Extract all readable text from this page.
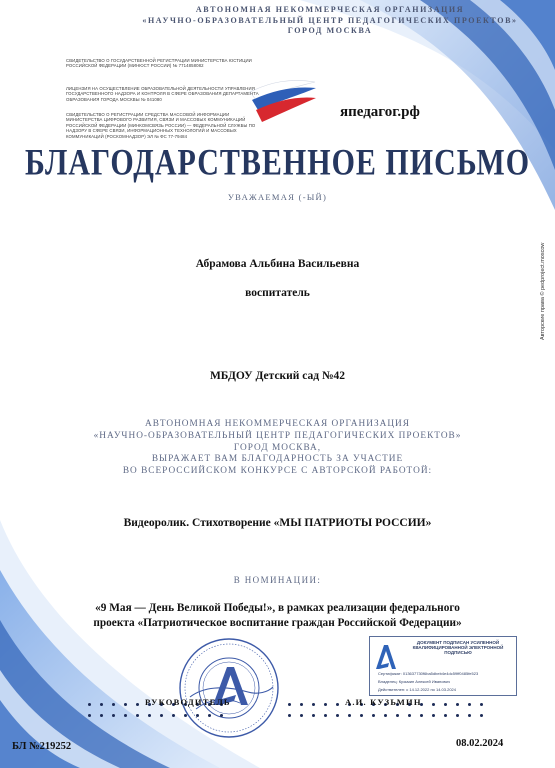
АВТОНОМНАЯ НЕКОММЕРЧЕСКАЯ ОРГАНИЗАЦИЯ
«НАУЧНО-ОБРАЗОВАТЕЛЬНЫЙ ЦЕНТР ПЕДАГОГИЧЕСКИХ ПРОЕКТОВ»
ГОРОД МОСКВА
СВИДЕТЕЛЬСТВО О ГОСУДАРСТВЕННОЙ РЕГИСТРАЦИИ МИНИСТЕРСТВА ЮСТИЦИИ РОССИЙСКОЙ ФЕДЕРАЦИИ (МИНЮСТ РОССИИ) № 7714858082
ЛИЦЕНЗИЯ НА ОСУЩЕСТВЛЕНИЕ ОБРАЗОВАТЕЛЬНОЙ ДЕЯТЕЛЬНОСТИ УПРАВЛЕНИЯ ГОСУДАРСТВЕННОГО НАДЗОРА И КОНТРОЛЯ В СФЕРЕ ОБРАЗОВАНИЯ ДЕПАРТАМЕНТА ОБРАЗОВАНИЯ ГОРОДА МОСКВЫ № 041080
СВИДЕТЕЛЬСТВО О РЕГИСТРАЦИИ СРЕДСТВА МАССОВОЙ ИНФОРМАЦИИ МИНИСТЕРСТВА ЦИФРОВОГО РАЗВИТИЯ, СВЯЗИ И МАССОВЫХ КОММУНИКАЦИЙ РОССИЙСКОЙ ФЕДЕРАЦИИ (МИНКОМСВЯЗЬ РОССИИ) — ФЕДЕРАЛЬНОЙ СЛУЖБЫ ПО НАДЗОРУ В СФЕРЕ СВЯЗИ, ИНФОРМАЦИОННЫХ ТЕХНОЛОГИЙ И МАССОВЫХ КОММУНИКАЦИЙ (РОСКОМНАДЗОР) ЭЛ № ФС 77-79484
япедагог.рф
БЛАГОДАРСТВЕННОЕ ПИСЬМО
УВАЖАЕМАЯ (-ЫЙ)
Абрамова Альбина Васильевна
воспитатель
МБДОУ Детский сад №42
АВТОНОМНАЯ НЕКОММЕРЧЕСКАЯ ОРГАНИЗАЦИЯ
«НАУЧНО-ОБРАЗОВАТЕЛЬНЫЙ ЦЕНТР ПЕДАГОГИЧЕСКИХ ПРОЕКТОВ»
ГОРОД МОСКВА,
ВЫРАЖАЕТ ВАМ БЛАГОДАРНОСТЬ ЗА УЧАСТИЕ
ВО ВСЕРОССИЙСКОМ КОНКУРСЕ С АВТОРСКОЙ РАБОТОЙ:
Видеоролик. Стихотворение «МЫ ПАТРИОТЫ РОССИИ»
В НОМИНАЦИИ:
«9 Мая — День Великой Победы!», в рамках реализации федерального
проекта «Патриотическое воспитание граждан Российской Федерации»
ДОКУМЕНТ ПОДПИСАН УСИЛЕННОЙ КВАЛИФИЦИРОВАННОЙ ЭЛЕКТРОННОЙ ПОДПИСЬЮ
Сертификат: 013637730f6ba5dbeb4e4dc59ff0485fe523
Владелец: Кузьмин Алексей Иванович
Действителен: с 14.12.2022 по 14.03.2024
РУКОВОДИТЕЛЬ	А.И. КУЗЬМИН
БЛ №219252	08.02.2024
Авторские права © pedproject.moscow
